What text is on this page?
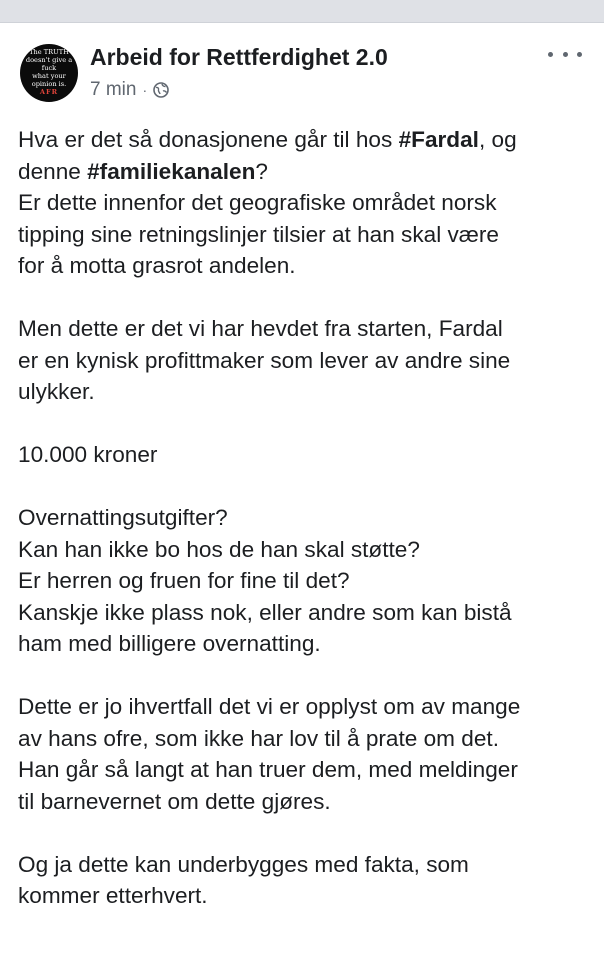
The TRUTH
doesn't give a
fuck
what your
opinion is.
AFR
Arbeid for Rettferdighet 2.0
7 min ·

Hva er det så donasjonene går til hos #Fardal, og
denne #familiekanalen?
Er dette innenfor det geografiske området norsk
tipping sine retningslinjer tilsier at han skal være
for å motta grasrot andelen.

Men dette er det vi har hevdet fra starten, Fardal
er en kynisk profittmaker som lever av andre sine
ulykker.

10.000 kroner

Overnattingsutgifter?
Kan han ikke bo hos de han skal støtte?
Er herren og fruen for fine til det?
Kanskje ikke plass nok, eller andre som kan bistå
ham med billigere overnatting.

Dette er jo ihvertfall det vi er opplyst om av mange
av hans ofre, som ikke har lov til å prate om det.
Han går så langt at han truer dem, med meldinger
til barnevernet om dette gjøres.

Og ja dette kan underbygges med fakta, som
kommer etterhvert.
